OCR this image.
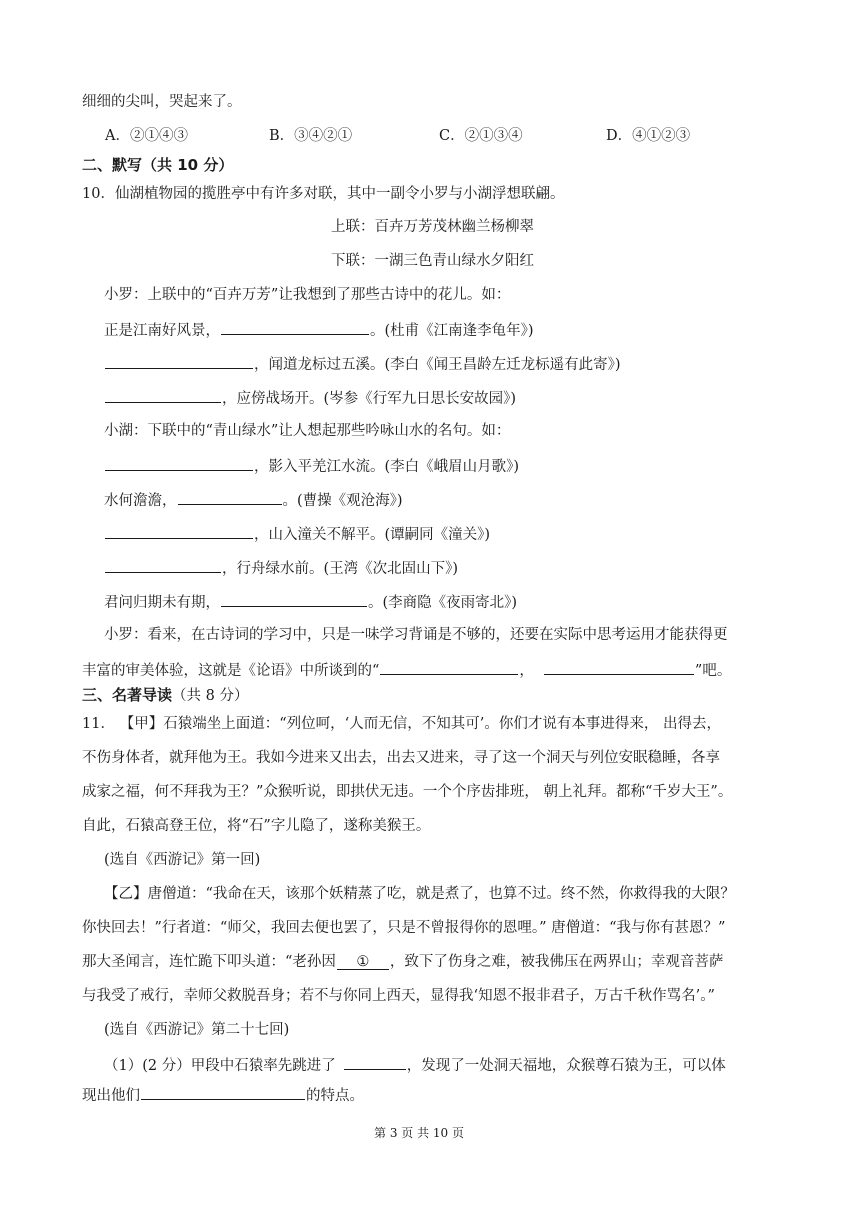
细细的尖叫，哭起来了。
A．②①④③	B．③④②①	C．②①③④	D．④①②③
二、默写（共 10 分）
10．仙湖植物园的揽胜亭中有许多对联，其中一副令小罗与小湖浮想联翩。
上联：百卉万芳茂林幽兰杨柳翠
下联：一湖三色青山绿水夕阳红
小罗：上联中的“百卉万芳”让我想到了那些古诗中的花儿。如：
正是江南好风景，	。(杜甫《江南逢李龟年》)
，闻道龙标过五溪。(李白《闻王昌龄左迁龙标遥有此寄》)
，应傍战场开。(岑参《行军九日思长安故园》)
小湖：下联中的“青山绿水”让人想起那些吟咏山水的名句。如：
，影入平羌江水流。(李白《峨眉山月歌》)
水何澹澹，	。(曹操《观沧海》)
，山入潼关不解平。(谭嗣同《潼关》)
，行舟绿水前。(王湾《次北固山下》)
君问归期未有期，	。(李商隐《夜雨寄北》)
小罗：看来，在古诗词的学习中，只是一味学习背诵是不够的，还要在实际中思考运用才能获得更
丰富的审美体验，这就是《论语》中所谈到的“	，	”吧。
三、名著导读（共 8 分）
11． 【甲】石猿端坐上面道：“列位呵，‘人而无信，不知其可’。你们才说有本事进得来， 出得去，
不伤身体者，就拜他为王。我如今进来又出去，出去又进来，寻了这一个洞天与列位安眠稳睡，各享
成家之福，何不拜我为王？”众猴听说，即拱伏无违。一个个序齿排班， 朝上礼拜。都称“千岁大王”。
自此，石猿高登王位，将“石”字儿隐了，遂称美猴王。
(选自《西游记》第一回)
【乙】唐僧道：“我命在天，该那个妖精蒸了吃，就是煮了，也算不过。终不然，你救得我的大限？
你快回去！”行者道：“师父，我回去便也罢了，只是不曾报得你的恩哩。” 唐僧道：“我与你有甚恩？”
那大圣闻言，连忙跪下叩头道：“老孙因 ① ，致下了伤身之难，被我佛压在两界山；幸观音菩萨
与我受了戒行，幸师父救脱吾身；若不与你同上西天，显得我‘知恩不报非君子，万古千秋作骂名’。”
(选自《西游记》第二十七回)
（1）(2 分）甲段中石猿率先跳进了	，发现了一处洞天福地，众猴尊石猿为王，可以体
现出他们	的特点。
第 3 页 共 10 页
